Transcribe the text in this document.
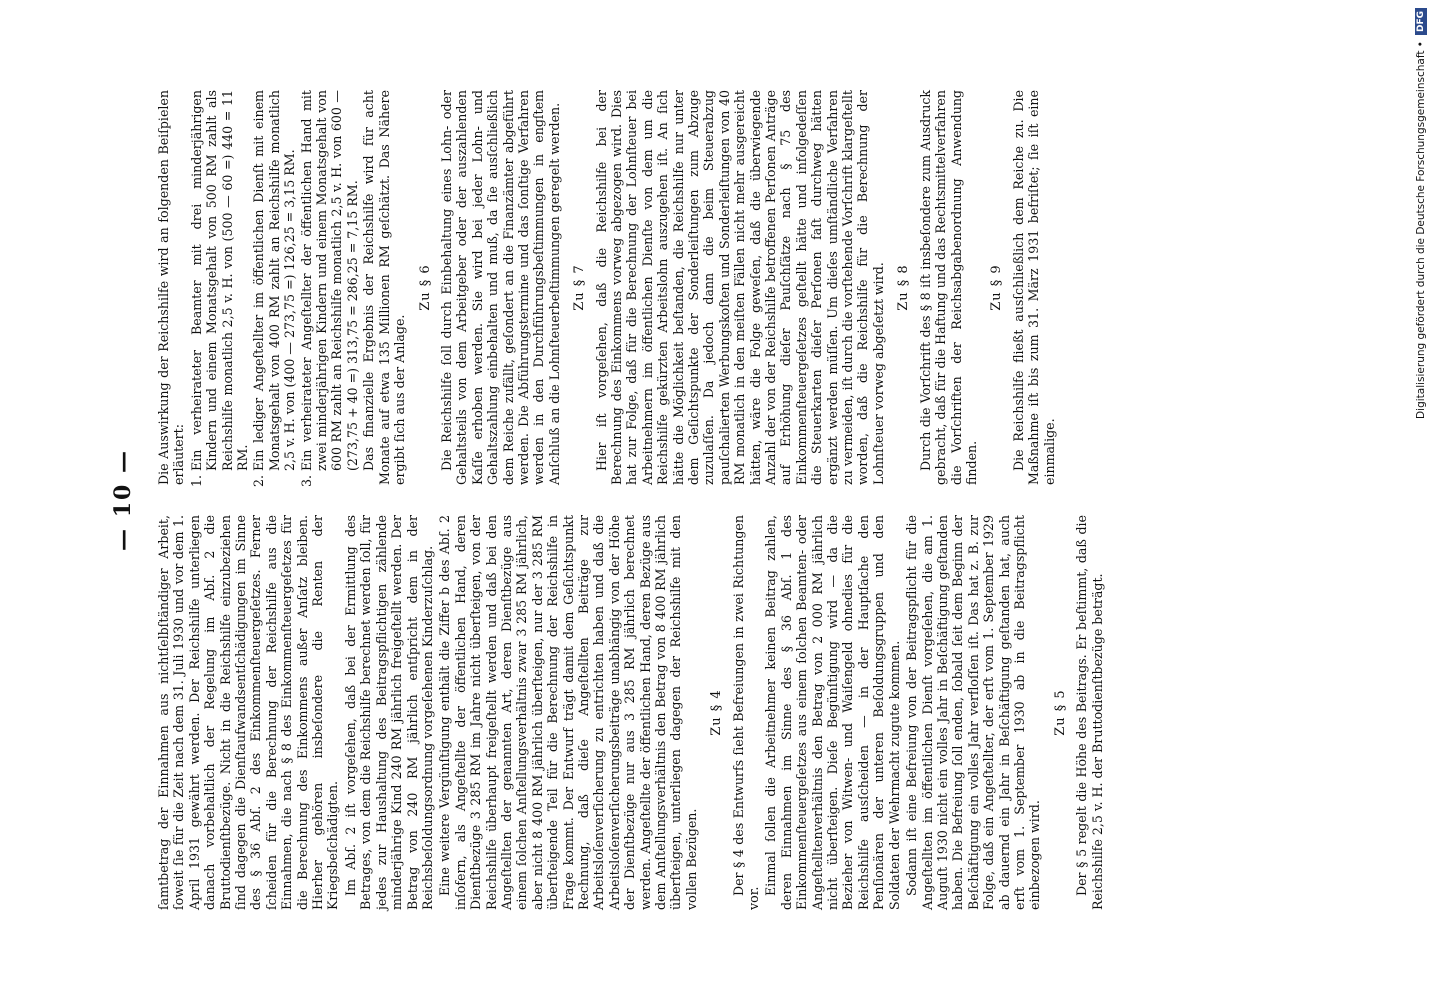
— 10 —

ſamtbetrag der Einnahmen aus nichtſelbſtändiger Arbeit, ſoweit ſie für die Zeit nach dem 31. Juli 1930 und vor dem 1. April 1931 gewährt werden. Der Reichshilfe unterliegen danach vorbehaltlich der Regelung im Abſ. 2 die Bruttodienſtbezüge. Nicht in die Reichshilfe einzubeziehen ſind dagegen die Dienſtaufwandsentſchädigungen im Sinne des § 36 Abſ. 2 des Einkommenſteuergeſetzes. Ferner ſcheiden für die Berechnung der Reichshilfe aus die Einnahmen, die nach § 8 des Einkommenſteuergeſetzes für die Berechnung des Einkommens außer Anſatz bleiben. Hierher gehören insbeſondere die Renten der Kriegsbeſchädigten. Im Abſ. 2 iſt vorgeſehen, daß bei der Ermittlung des Betrages, von dem die Reichshilfe berechnet werden ſoll, für jedes zur Haushaltung des Beitragspflichtigen zählende minderjährige Kind 240 RM jährlich freigeſtellt werden. Der Betrag von 240 RM jährlich entſpricht dem in der Reichsbeſoldungsordnung vorgeſehenen Kinderzuſchlag. Eine weitere Vergünſtigung enthält die Ziffer b des Abſ. 2 inſofern, als Angeſtellte der öffentlichen Hand, deren Dienſtbezüge 3 285 RM im Jahre nicht überſteigen, von der Reichshilfe überhaupt freigeſtellt werden und daß bei den Angeſtellten der genannten Art, deren Dienſtbezüge aus einem ſolchen Anſtellungsverhältnis zwar 3 285 RM jährlich, aber nicht 8 400 RM jährlich überſteigen, nur der 3 285 RM überſteigende Teil für die Berechnung der Reichshilfe in Frage kommt. Der Entwurf trägt damit dem Geſichtspunkt Rechnung, daß dieſe Angeſtellten Beiträge zur Arbeitsloſenverſicherung zu entrichten haben und daß die Arbeitsloſenverſicherungsbeiträge unabhängig von der Höhe der Dienſtbezüge nur aus 3 285 RM jährlich berechnet werden. Angeſtellte der öffentlichen Hand, deren Bezüge aus dem Anſtellungsverhältnis den Betrag von 8 400 RM jährlich überſteigen, unterliegen dagegen der Reichshilfe mit den vollen Bezügen.

Zu § 4 Der § 4 des Entwurfs ſieht Befreiungen in zwei Richtungen vor.

Einmal ſollen die Arbeitnehmer keinen Beitrag zahlen, deren Einnahmen im Sinne des § 36 Abſ. 1 des Einkommenſteuergeſetzes aus einem ſolchen Beamten- oder Angeſtelltenverhältnis den Betrag von 2 000 RM jährlich nicht überſteigen. Dieſe Begünſtigung wird — da die Bezieher von Witwen- und Waiſengeld ohnedies für die Reichshilfe ausſcheiden — in der Hauptſache den Penſionären der unteren Beſoldungsgruppen und den Soldaten der Wehrmacht zugute kommen. Sodann iſt eine Befreiung von der Beitragspflicht für die Angeſtellten im öffentlichen Dienſt vorgeſehen, die am 1. Auguſt 1930 nicht ein volles Jahr in Beſchäftigung geſtanden haben. Die Befreiung ſoll enden, ſobald ſeit dem Beginn der Beſchäftigung ein volles Jahr verfloſſen iſt. Das hat z. B. zur Folge, daß ein Angeſtellter, der erſt vom 1. September 1929 ab dauernd ein Jahr in Beſchäftigung geſtanden hat, auch erſt vom 1. September 1930 ab in die Beitragspflicht einbezogen wird.

Zu § 5 Der § 5 regelt die Höhe des Beitrags. Er beſtimmt, daß die Reichshilfe 2,5 v. H. der Bruttodienſtbezüge beträgt.

Die Auswirkung der Reichshilfe wird an folgenden Beiſpielen erläutert: 1. Ein verheirateter Beamter mit drei minderjährigen Kindern und einem Monatsgehalt von 500 RM zahlt als Reichshilfe monatlich 2,5 v. H. von (500 — 60 =) 440 = 11 RM. 2. Ein lediger Angeſtellter im öffentlichen Dienſt mit einem Monatsgehalt von 400 RM zahlt an Reichshilfe monatlich 2,5 v. H. von (400 — 273,75 =) 126,25 = 3,15 RM. 3. Ein verheirateter Angeſtellter der öffentlichen Hand mit zwei minderjährigen Kindern und einem Monatsgehalt von 600 RM zahlt an Reichshilfe monatlich 2,5 v. H. von 600 — (273,75 + 40 =) 313,75 = 286,25 = 7,15 RM. Das finanzielle Ergebnis der Reichshilfe wird für acht Monate auf etwa 135 Millionen RM geſchätzt. Das Nähere ergibt ſich aus der Anlage.

Zu § 6 Die Reichshilfe ſoll durch Einbehaltung eines Lohn- oder Gehaltsteils von dem Arbeitgeber oder der auszahlenden Kaſſe erhoben werden. Sie wird bei jeder Lohn- und Gehaltszahlung einbehalten und muß, da ſie ausſchließlich dem Reiche zufällt, geſondert an die Finanzämter abgeführt werden. Die Abführungstermine und das ſonſtige Verfahren werden in den Durchführungsbeſtimmungen in engſtem Anſchluß an die Lohnſteuerbeſtimmungen geregelt werden. Zu § 7 Hier iſt vorgeſehen, daß die Reichshilfe bei der Berechnung des Einkommens vorweg abgezogen wird. Dies hat zur Folge, daß für die Berechnung der Lohnſteuer bei Arbeitnehmern im öffentlichen Dienſte von dem um die Reichshilfe gekürzten Arbeitslohn auszugehen iſt. An ſich hätte die Möglichkeit beſtanden, die Reichshilfe nur unter dem Geſichtspunkte der Sonderleiſtungen zum Abzuge zuzulaſſen. Da jedoch dann die beim Steuerabzug pauſchalierten Werbungskoſten und Sonderleiſtungen von 40 RM monatlich in den meiſten Fällen nicht mehr ausgereicht hätten, wäre die Folge geweſen, daß die überwiegende Anzahl der von der Reichshilfe betroffenen Perſonen Anträge auf Erhöhung dieſer Pauſchſätze nach § 75 des Einkommenſteuergeſetzes geſtellt hätte und infolgedeſſen die Steuerkarten dieſer Perſonen faſt durchweg hätten ergänzt werden müſſen. Um dieſes umſtändliche Verfahren zu vermeiden, iſt durch die vorſtehende Vorſchrift klargeſtellt worden, daß die Reichshilfe für die Berechnung der Lohnſteuer vorweg abgeſetzt wird. Zu § 8 Durch die Vorſchrift des § 8 iſt insbeſondere zum Ausdruck gebracht, daß für die Haftung und das Rechtsmittelverfahren die Vorſchriften der Reichsabgabenordnung Anwendung finden.

Zu § 9 Die Reichshilfe fließt ausſchließlich dem Reiche zu. Die Maßnahme iſt bis zum 31. März 1931 befriſtet; ſie iſt eine einmalige.

Digitalisierung gefördert durch die Deutsche Forschungsgemeinschaft •DFG
